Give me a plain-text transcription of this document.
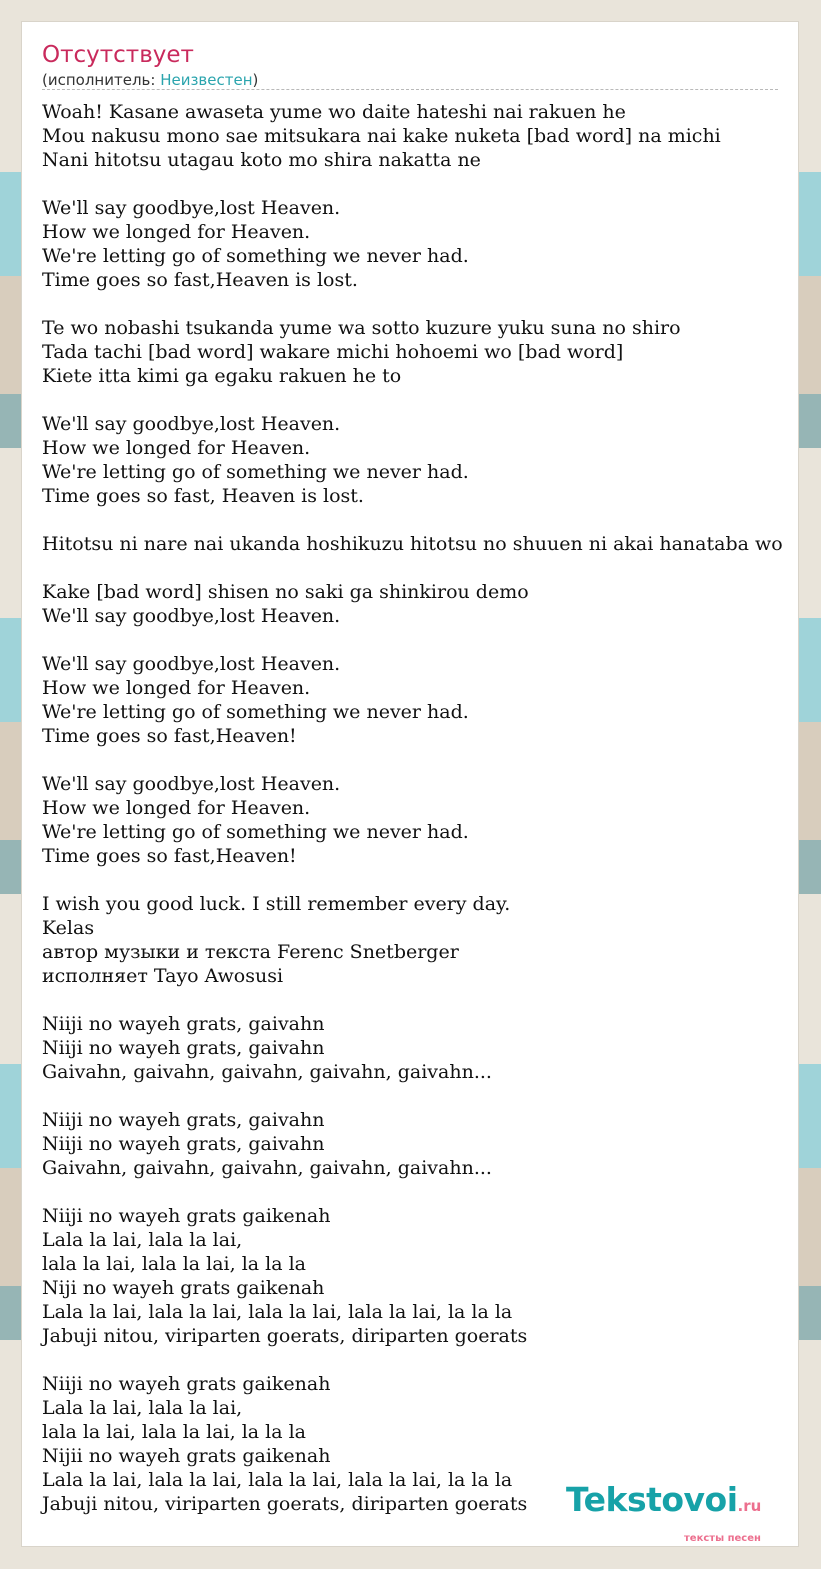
Отсутствует
(исполнитель: Неизвестен)
Woah! Kasane awaseta yume wo daite hateshi nai rakuen he
Mou nakusu mono sae mitsukara nai kake nuketa [bad word] na michi
Nani hitotsu utagau koto mo shira nakatta ne
We'll say goodbye,lost Heaven.
How we longed for Heaven.
We're letting go of something we never had.
Time goes so fast,Heaven is lost.
Te wo nobashi tsukanda yume wa sotto kuzure yuku suna no shiro
Tada tachi [bad word] wakare michi hohoemi wo [bad word]
Kiete itta kimi ga egaku rakuen he to
We'll say goodbye,lost Heaven.
How we longed for Heaven.
We're letting go of something we never had.
Time goes so fast, Heaven is lost.
Hitotsu ni nare nai ukanda hoshikuzu hitotsu no shuuen ni akai hanataba wo
Kake [bad word] shisen no saki ga shinkirou demo
We'll say goodbye,lost Heaven.
We'll say goodbye,lost Heaven.
How we longed for Heaven.
We're letting go of something we never had.
Time goes so fast,Heaven!
We'll say goodbye,lost Heaven.
How we longed for Heaven.
We're letting go of something we never had.
Time goes so fast,Heaven!
I wish you good luck. I still remember every day.
Kelas
автор музыки и текста Ferenc Snetberger
исполняет Tayo Awosusi
Niiji no wayeh grats, gaivahn
Niiji no wayeh grats, gaivahn
Gaivahn, gaivahn, gaivahn, gaivahn, gaivahn...
Niiji no wayeh grats, gaivahn
Niiji no wayeh grats, gaivahn
Gaivahn, gaivahn, gaivahn, gaivahn, gaivahn...
Niiji no wayeh grats gaikenah
Lala la lai, lala la lai,
lala la lai, lala la lai, la la la
Niji no wayeh grats gaikenah
Lala la lai, lala la lai, lala la lai, lala la lai, la la la
Jabuji nitou, viriparten goerats, diriparten goerats
Niiji no wayeh grats gaikenah
Lala la lai, lala la lai,
lala la lai, lala la lai, la la la
Nijii no wayeh grats gaikenah
Lala la lai, lala la lai, lala la lai, lala la lai, la la la
Jabuji nitou, viriparten goerats, diriparten goerats	Tekstovoi.ru
тексты песен
